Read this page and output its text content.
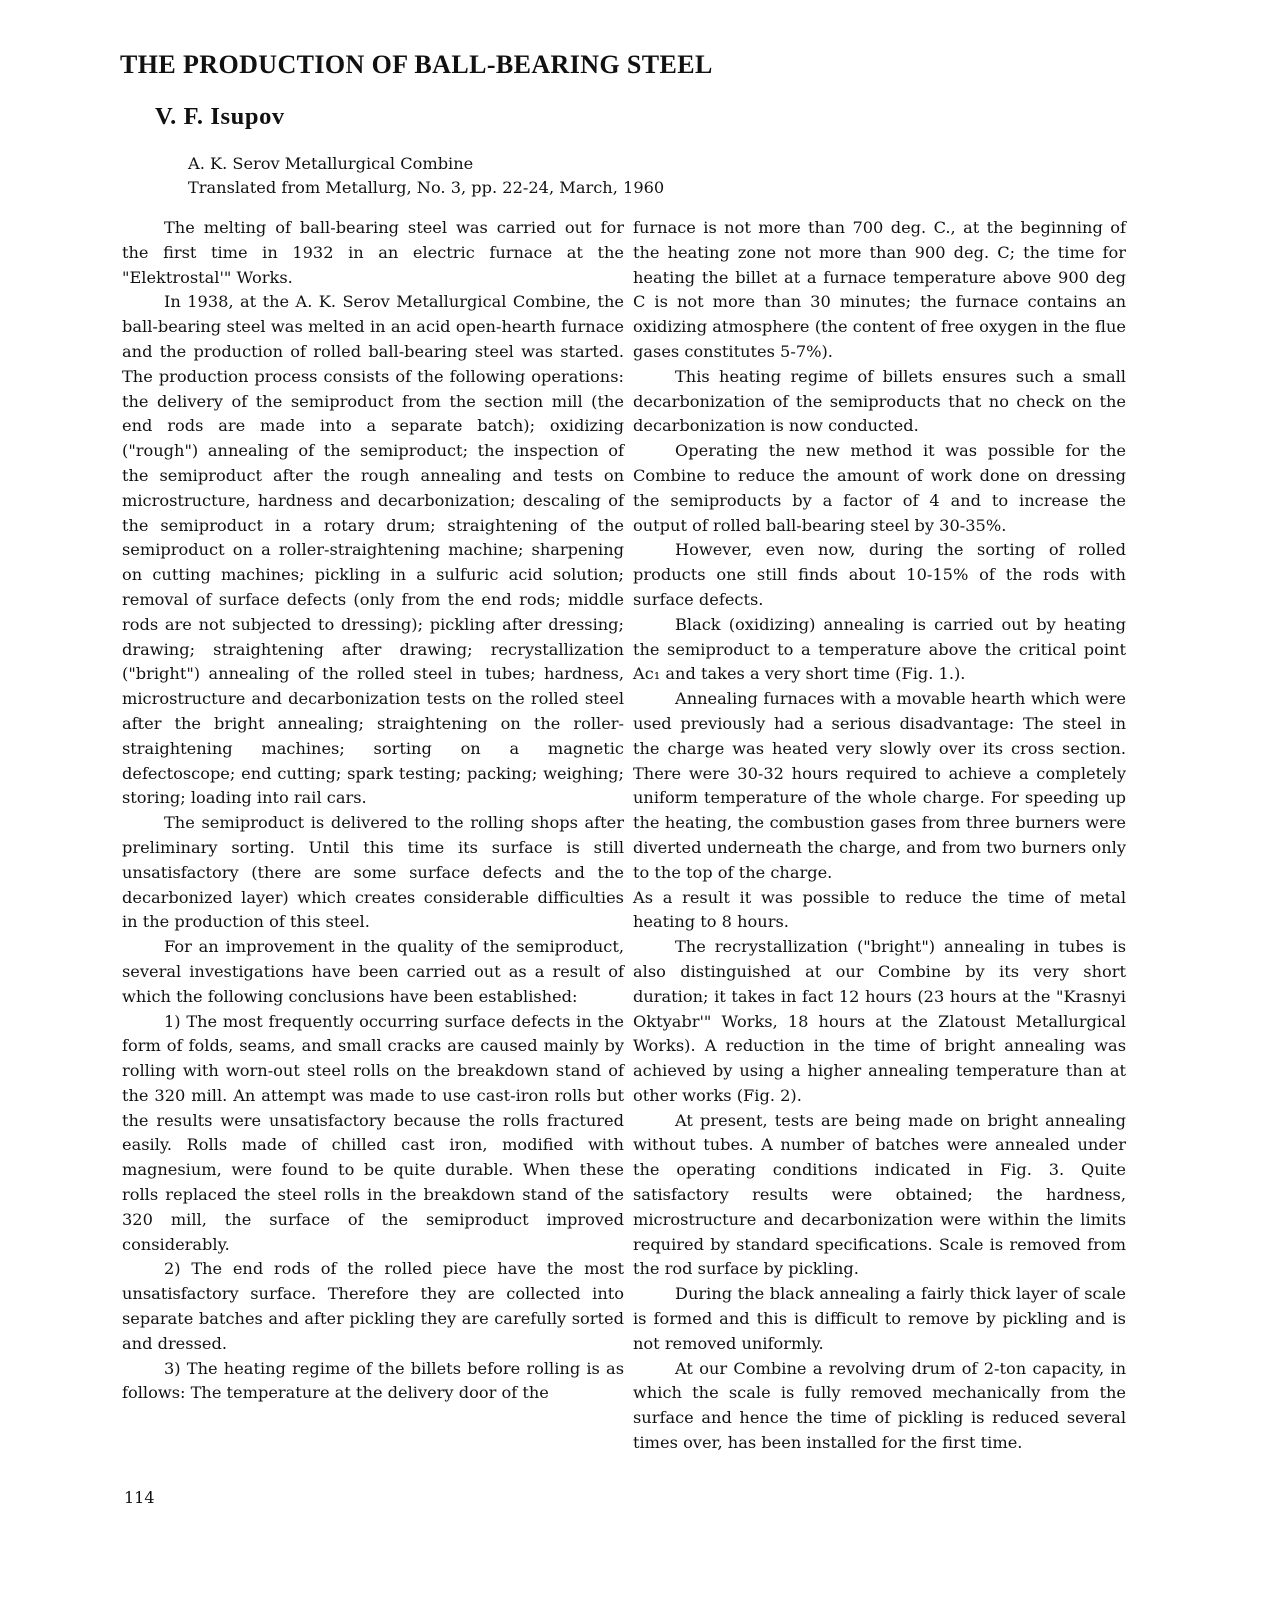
THE PRODUCTION OF BALL-BEARING STEEL
V. F. Isupov
A. K. Serov Metallurgical Combine
Translated from Metallurg, No. 3, pp. 22-24, March, 1960

The melting of ball-bearing steel was carried out for the first time in 1932 in an electric furnace at the "Elektrostal'" Works.

In 1938, at the A. K. Serov Metallurgical Combine, the ball-bearing steel was melted in an acid open-hearth furnace and the production of rolled ball-bearing steel was started. The production process consists of the following operations: the delivery of the semiproduct from the section mill (the end rods are made into a separate batch); oxidizing ("rough") annealing of the semiproduct; the inspection of the semiproduct after the rough annealing and tests on microstructure, hardness and decarbonization; descaling of the semiproduct in a rotary drum; straightening of the semiproduct on a roller-straightening machine; sharpening on cutting machines; pickling in a sulfuric acid solution; removal of surface defects (only from the end rods; middle rods are not subjected to dressing); pickling after dressing; drawing; straightening after drawing; recrystallization ("bright") annealing of the rolled steel in tubes; hardness, microstructure and decarbonization tests on the rolled steel after the bright annealing; straightening on the roller-straightening machines; sorting on a magnetic defectoscope; end cutting; spark testing; packing; weighing; storing; loading into rail cars.

The semiproduct is delivered to the rolling shops after preliminary sorting. Until this time its surface is still unsatisfactory (there are some surface defects and the decarbonized layer) which creates considerable difficulties in the production of this steel.

For an improvement in the quality of the semiproduct, several investigations have been carried out as a result of which the following conclusions have been established:

1) The most frequently occurring surface defects in the form of folds, seams, and small cracks are caused mainly by rolling with worn-out steel rolls on the breakdown stand of the 320 mill. An attempt was made to use cast-iron rolls but the results were unsatisfactory because the rolls fractured easily. Rolls made of chilled cast iron, modified with magnesium, were found to be quite durable. When these rolls replaced the steel rolls in the breakdown stand of the 320 mill, the surface of the semiproduct improved considerably.

2) The end rods of the rolled piece have the most unsatisfactory surface. Therefore they are collected into separate batches and after pickling they are carefully sorted and dressed.

3) The heating regime of the billets before rolling is as follows: The temperature at the delivery door of the

furnace is not more than 700 deg. C., at the beginning of the heating zone not more than 900 deg. C; the time for heating the billet at a furnace temperature above 900 deg C is not more than 30 minutes; the furnace contains an oxidizing atmosphere (the content of free oxygen in the flue gases constitutes 5-7%).

This heating regime of billets ensures such a small decarbonization of the semiproducts that no check on the decarbonization is now conducted.

Operating the new method it was possible for the Combine to reduce the amount of work done on dressing the semiproducts by a factor of 4 and to increase the output of rolled ball-bearing steel by 30-35%.

However, even now, during the sorting of rolled products one still finds about 10-15% of the rods with surface defects.

Black (oxidizing) annealing is carried out by heating the semiproduct to a temperature above the critical point Ac₁ and takes a very short time (Fig. 1.).

Annealing furnaces with a movable hearth which were used previously had a serious disadvantage: The steel in the charge was heated very slowly over its cross section. There were 30-32 hours required to achieve a completely uniform temperature of the whole charge. For speeding up the heating, the combustion gases from three burners were diverted underneath the charge, and from two burners only to the top of the charge.

As a result it was possible to reduce the time of metal heating to 8 hours.

The recrystallization ("bright") annealing in tubes is also distinguished at our Combine by its very short duration; it takes in fact 12 hours (23 hours at the "Krasnyi Oktyabr'" Works, 18 hours at the Zlatoust Metallurgical Works). A reduction in the time of bright annealing was achieved by using a higher annealing temperature than at other works (Fig. 2).

At present, tests are being made on bright annealing without tubes. A number of batches were annealed under the operating conditions indicated in Fig. 3. Quite satisfactory results were obtained; the hardness, microstructure and decarbonization were within the limits required by standard specifications. Scale is removed from the rod surface by pickling.

During the black annealing a fairly thick layer of scale is formed and this is difficult to remove by pickling and is not removed uniformly.

At our Combine a revolving drum of 2-ton capacity, in which the scale is fully removed mechanically from the surface and hence the time of pickling is reduced several times over, has been installed for the first time.

114
